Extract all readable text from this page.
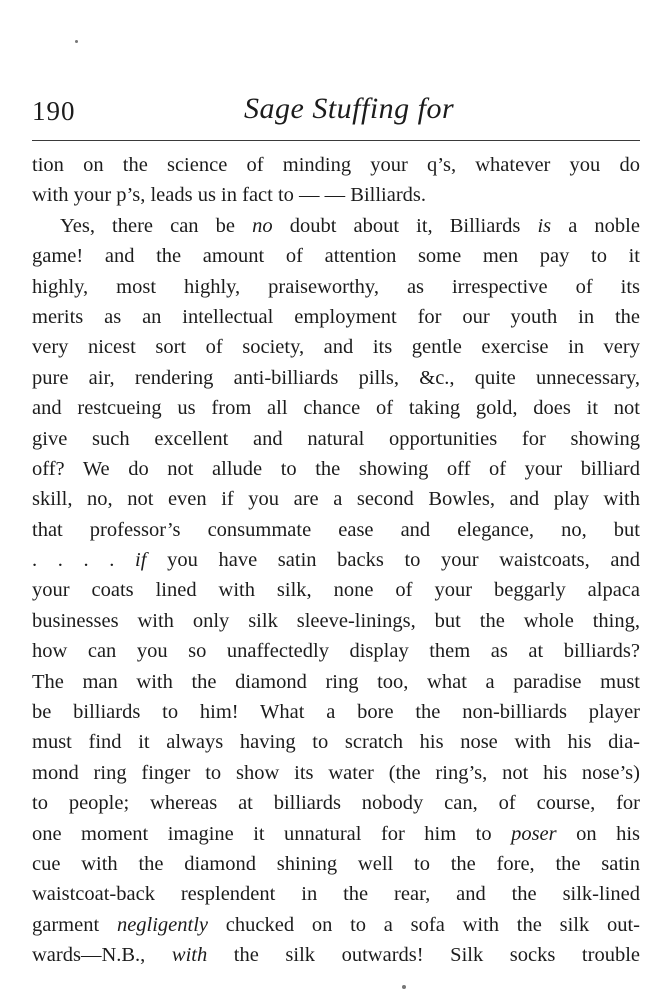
190	Sage Stuffing for
tion on the science of minding your q’s, whatever you do
with your p’s, leads us in fact to — — Billiards.
Yes, there can be no doubt about it, Billiards is a noble
game! and the amount of attention some men pay to it
highly, most highly, praiseworthy, as irrespective of its
merits as an intellectual employment for our youth in the
very nicest sort of society, and its gentle exercise in very
pure air, rendering anti-billiards pills, &c., quite unnecessary,
and restcueing us from all chance of taking gold, does it not
give such excellent and natural opportunities for showing
off? We do not allude to the showing off of your billiard
skill, no, not even if you are a second Bowles, and play with
that professor’s consummate ease and elegance, no, but
. . . . if you have satin backs to your waistcoats, and
your coats lined with silk, none of your beggarly alpaca
businesses with only silk sleeve-linings, but the whole thing,
how can you so unaffectedly display them as at billiards?
The man with the diamond ring too, what a paradise must
be billiards to him! What a bore the non-billiards player
must find it always having to scratch his nose with his dia-
mond ring finger to show its water (the ring’s, not his nose’s)
to people; whereas at billiards nobody can, of course, for
one moment imagine it unnatural for him to poser on his
cue with the diamond shining well to the fore, the satin
waistcoat-back resplendent in the rear, and the silk-lined
garment negligently chucked on to a sofa with the silk out-
wards—N.B., with the silk outwards! Silk socks trouble
